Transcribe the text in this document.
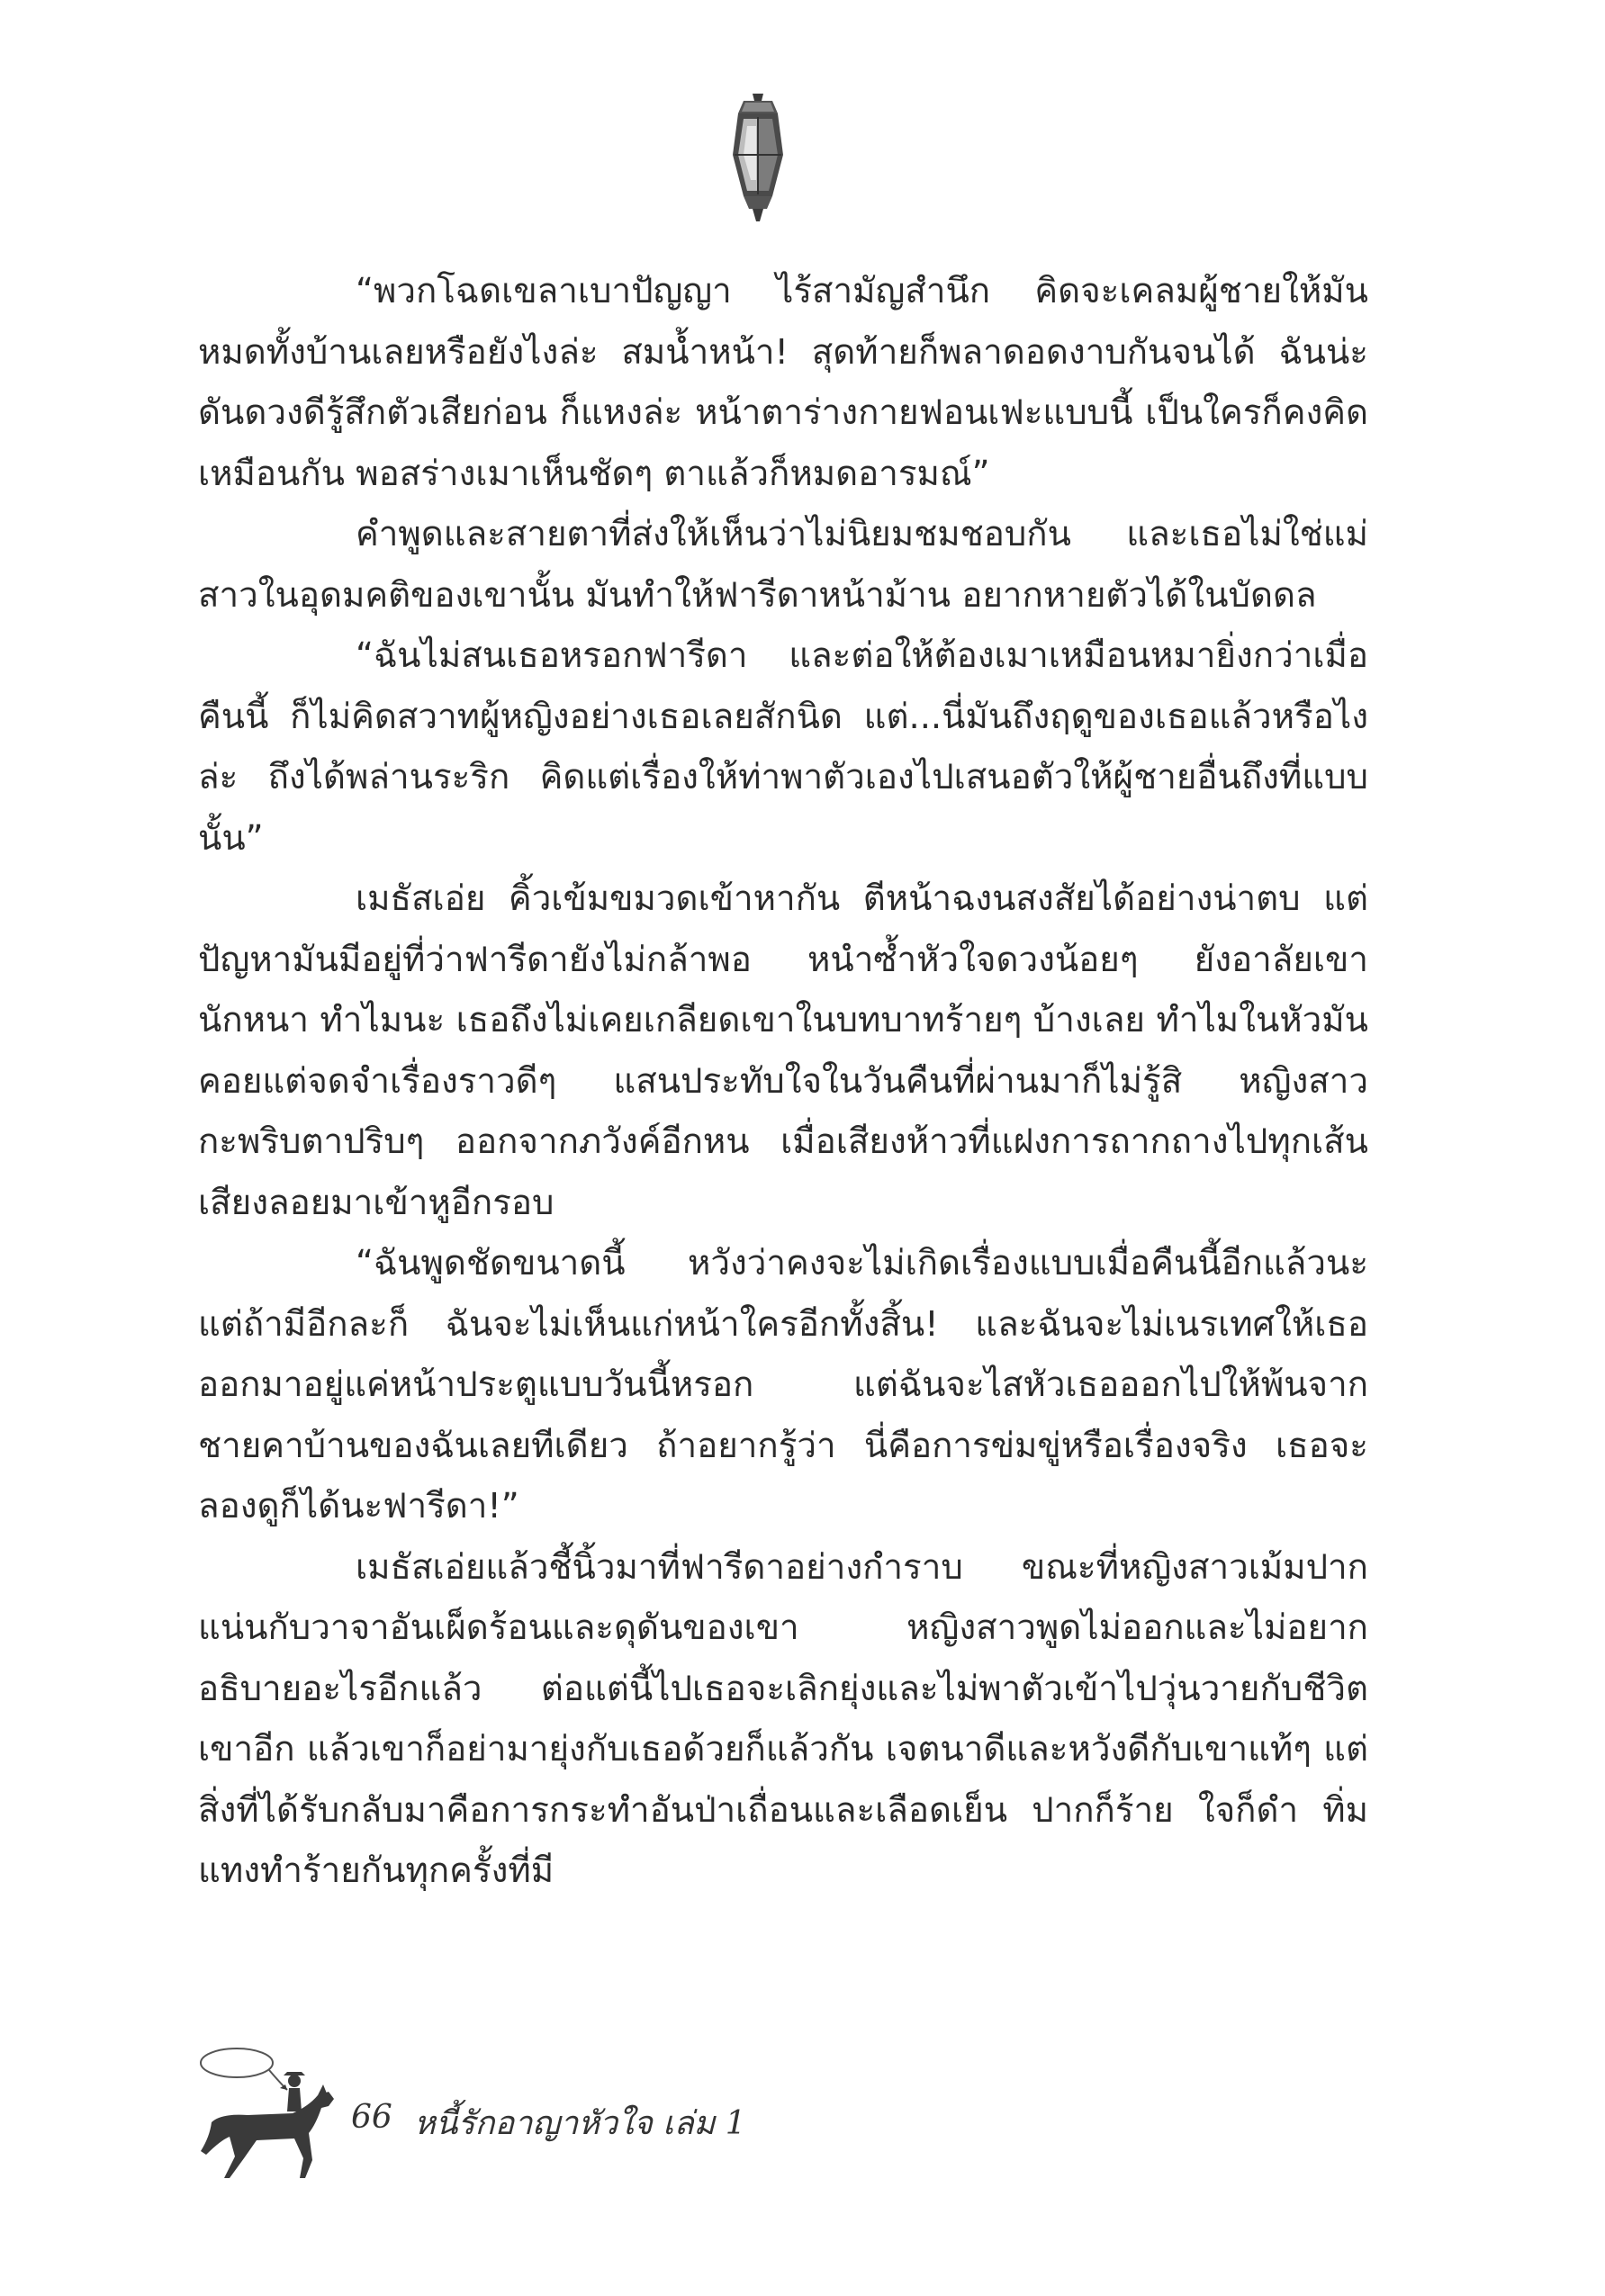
“พวกโฉดเขลาเบาปัญญา ไร้สามัญสำนึก คิดจะเคลมผู้ชายให้มันหมดทั้งบ้านเลยหรือยังไงล่ะ สมน้ำหน้า! สุดท้ายก็พลาดอดงาบกันจนได้ ฉันน่ะดันดวงดีรู้สึกตัวเสียก่อน ก็แหงล่ะ หน้าตาร่างกายฟอนเฟะแบบนี้ เป็นใครก็คงคิดเหมือนกัน พอสร่างเมาเห็นชัดๆ ตาแล้วก็หมดอารมณ์”

คำพูดและสายตาที่ส่งให้เห็นว่าไม่นิยมชมชอบกัน และเธอไม่ใช่แม่สาวในอุดมคติของเขานั้น มันทำให้ฟารีดาหน้าม้าน อยากหายตัวได้ในบัดดล

“ฉันไม่สนเธอหรอกฟารีดา และต่อให้ต้องเมาเหมือนหมายิ่งกว่าเมื่อคืนนี้ ก็ไม่คิดสวาทผู้หญิงอย่างเธอเลยสักนิด แต่...นี่มันถึงฤดูของเธอแล้วหรือไงล่ะ ถึงได้พล่านระริก คิดแต่เรื่องให้ท่าพาตัวเองไปเสนอตัวให้ผู้ชายอื่นถึงที่แบบนั้น”

เมธัสเอ่ย คิ้วเข้มขมวดเข้าหากัน ตีหน้าฉงนสงสัยได้อย่างน่าตบ แต่ปัญหามันมีอยู่ที่ว่าฟารีดายังไม่กล้าพอ หนำซ้ำหัวใจดวงน้อยๆ ยังอาลัยเขานักหนา ทำไมนะ เธอถึงไม่เคยเกลียดเขาในบทบาทร้ายๆ บ้างเลย ทำไมในหัวมันคอยแต่จดจำเรื่องราวดีๆ แสนประทับใจในวันคืนที่ผ่านมาก็ไม่รู้สิ หญิงสาวกะพริบตาปริบๆ ออกจากภวังค์อีกหน เมื่อเสียงห้าวที่แฝงการถากถางไปทุกเส้นเสียงลอยมาเข้าหูอีกรอบ

“ฉันพูดชัดขนาดนี้ หวังว่าคงจะไม่เกิดเรื่องแบบเมื่อคืนนี้อีกแล้วนะ แต่ถ้ามีอีกละก็ ฉันจะไม่เห็นแก่หน้าใครอีกทั้งสิ้น! และฉันจะไม่เนรเทศให้เธอออกมาอยู่แค่หน้าประตูแบบวันนี้หรอก แต่ฉันจะไสหัวเธอออกไปให้พ้นจากชายคาบ้านของฉันเลยทีเดียว ถ้าอยากรู้ว่า นี่คือการข่มขู่หรือเรื่องจริง เธอจะลองดูก็ได้นะฟารีดา!”

เมธัสเอ่ยแล้วชี้นิ้วมาที่ฟารีดาอย่างกำราบ ขณะที่หญิงสาวเม้มปากแน่นกับวาจาอันเผ็ดร้อนและดุดันของเขา หญิงสาวพูดไม่ออกและไม่อยากอธิบายอะไรอีกแล้ว ต่อแต่นี้ไปเธอจะเลิกยุ่งและไม่พาตัวเข้าไปวุ่นวายกับชีวิตเขาอีก แล้วเขาก็อย่ามายุ่งกับเธอด้วยก็แล้วกัน เจตนาดีและหวังดีกับเขาแท้ๆ แต่สิ่งที่ได้รับกลับมาคือการกระทำอันป่าเถื่อนและเลือดเย็น ปากก็ร้าย ใจก็ดำ ทิ่มแทงทำร้ายกันทุกครั้งที่มี

66 หนี้รักอาญาหัวใจ เล่ม 1
